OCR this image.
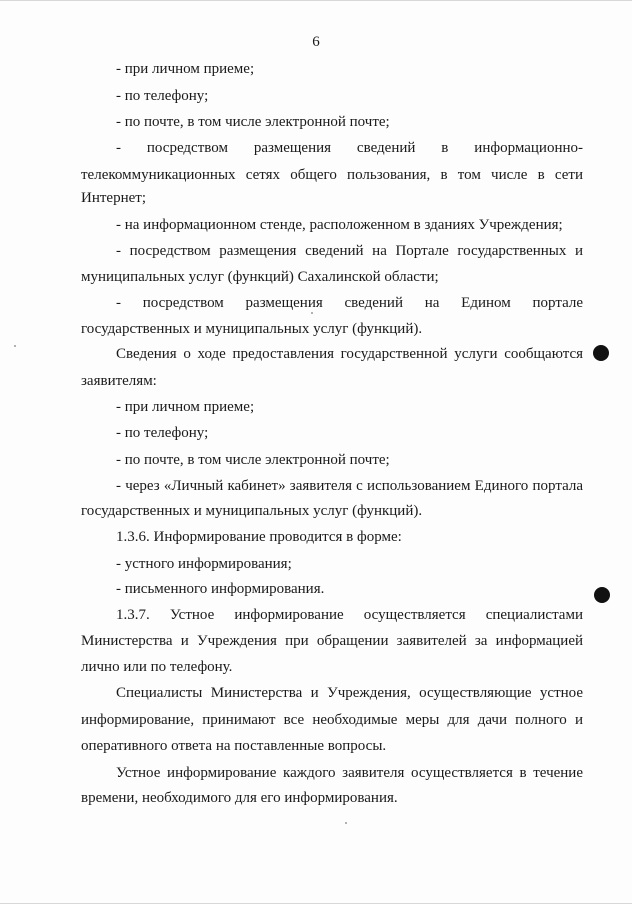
6
- при личном приеме;
- по телефону;
- по почте, в том числе электронной почте;
- посредством размещения сведений в информационно-
телекоммуникационных сетях общего пользования, в том числе в сети
Интернет;
- на информационном стенде, расположенном в зданиях Учреждения;
- посредством размещения сведений на Портале государственных и
муниципальных услуг (функций) Сахалинской области;
- посредством размещения сведений на Едином портале
государственных и муниципальных услуг (функций).
Сведения о ходе предоставления государственной услуги сообщаются
заявителям:
- при личном приеме;
- по телефону;
- по почте, в том числе электронной почте;
- через «Личный кабинет» заявителя с использованием Единого портала
государственных и муниципальных услуг (функций).
1.3.6. Информирование проводится в форме:
- устного информирования;
- письменного информирования.
1.3.7. Устное информирование осуществляется специалистами
Министерства и Учреждения при обращении заявителей за информацией
лично или по телефону.
Специалисты Министерства и Учреждения, осуществляющие устное
информирование, принимают все необходимые меры для дачи полного и
оперативного ответа на поставленные вопросы.
Устное информирование каждого заявителя осуществляется в течение
времени, необходимого для его информирования.
